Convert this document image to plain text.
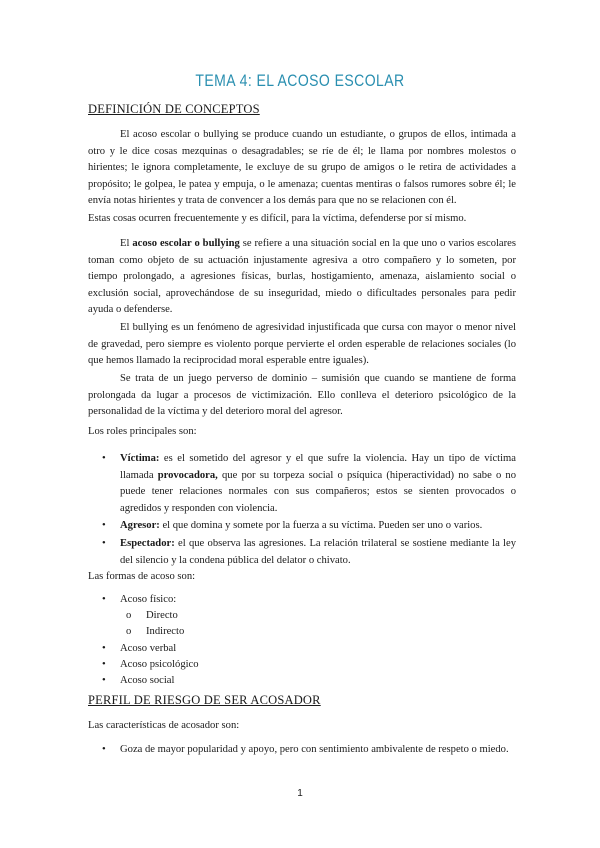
TEMA 4: EL ACOSO ESCOLAR
DEFINICIÓN DE CONCEPTOS

El acoso escolar o bullying se produce cuando un estudiante, o grupos de ellos, intimada a otro y le dice cosas mezquinas o desagradables; se ríe de él; le llama por nombres molestos o hirientes; le ignora completamente, le excluye de su grupo de amigos o le retira de actividades a propósito; le golpea, le patea y empuja, o le amenaza; cuentas mentiras o falsos rumores sobre él; le envía notas hirientes y trata de convencer a los demás para que no se relacionen con él.

Estas cosas ocurren frecuentemente y es difícil, para la víctima, defenderse por sí mismo.

El acoso escolar o bullying se refiere a una situación social en la que uno o varios escolares toman como objeto de su actuación injustamente agresiva a otro compañero y lo someten, por tiempo prolongado, a agresiones físicas, burlas, hostigamiento, amenaza, aislamiento social o exclusión social, aprovechándose de su inseguridad, miedo o dificultades personales para pedir ayuda o defenderse.

El bullying es un fenómeno de agresividad injustificada que cursa con mayor o menor nivel de gravedad, pero siempre es violento porque pervierte el orden esperable de relaciones sociales (lo que hemos llamado la reciprocidad moral esperable entre iguales).

Se trata de un juego perverso de dominio – sumisión que cuando se mantiene de forma prolongada da lugar a procesos de victimización. Ello conlleva el deterioro psicológico de la personalidad de la víctima y del deterioro moral del agresor.

Los roles principales son:

• Víctima: es el sometido del agresor y el que sufre la violencia. Hay un tipo de víctima llamada provocadora, que por su torpeza social o psíquica (hiperactividad) no sabe o no puede tener relaciones normales con sus compañeros; estos se sienten provocados o agredidos y responden con violencia.
• Agresor: el que domina y somete por la fuerza a su víctima. Pueden ser uno o varios.
• Espectador: el que observa las agresiones. La relación trilateral se sostiene mediante la ley del silencio y la condena pública del delator o chivato.

Las formas de acoso son:

• Acoso físico:
o Directo
o Indirecto
• Acoso verbal
• Acoso psicológico
• Acoso social
PERFIL DE RIESGO DE SER ACOSADOR

Las características de acosador son:

• Goza de mayor popularidad y apoyo, pero con sentimiento ambivalente de respeto o miedo.
1
